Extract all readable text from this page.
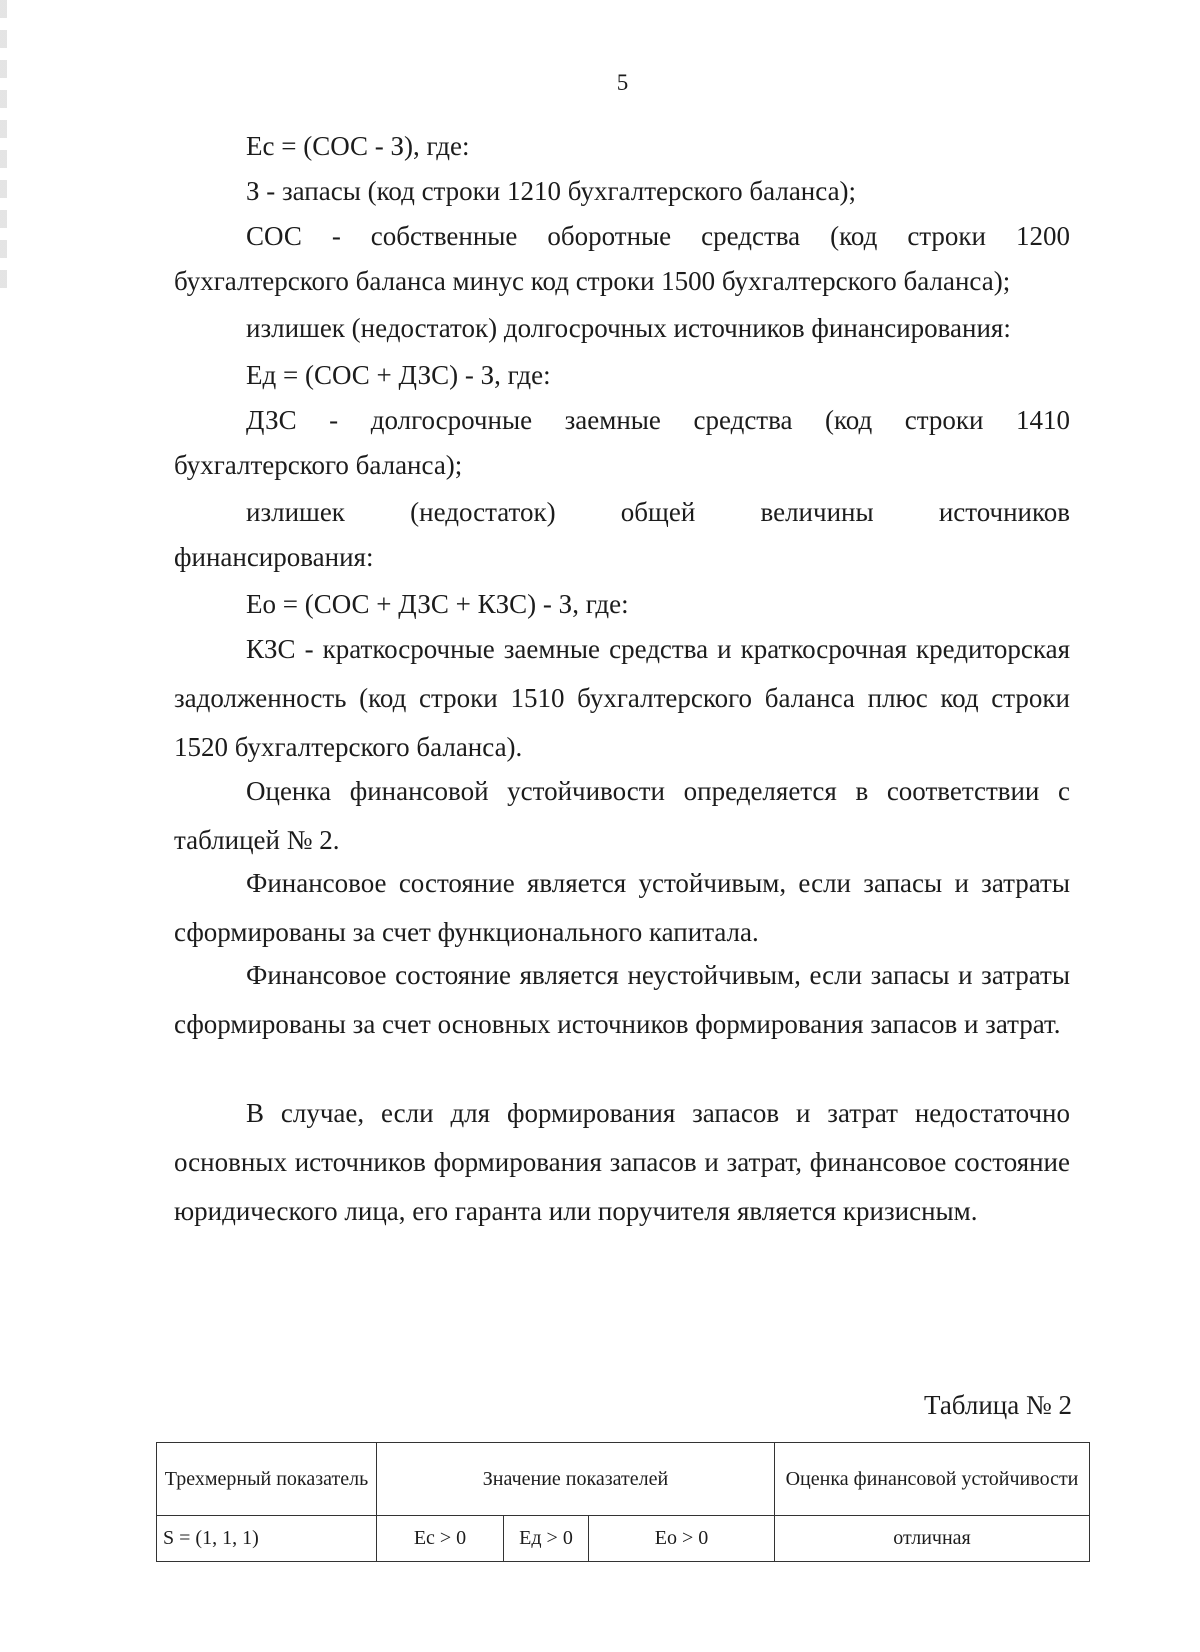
5

Ес = (СОС - З), где:

З - запасы (код строки 1210 бухгалтерского баланса);

СОС - собственные оборотные средства (код строки 1200

бухгалтерского баланса минус код строки 1500 бухгалтерского баланса);

излишек (недостаток) долгосрочных источников финансирования:

Ед = (СОС + ДЗС) - З, где:

ДЗС - долгосрочные заемные средства (код строки 1410

бухгалтерского баланса);

излишек (недостаток) общей величины источников

финансирования:

Ео = (СОС + ДЗС + КЗС) - З, где:

КЗС - краткосрочные заемные средства и краткосрочная кредиторская задолженность (код строки 1510 бухгалтерского баланса плюс код строки 1520 бухгалтерского баланса).

Оценка финансовой устойчивости определяется в соответствии с таблицей № 2.

Финансовое состояние является устойчивым, если запасы и затраты сформированы за счет функционального капитала.

Финансовое состояние является неустойчивым, если запасы и затраты сформированы за счет основных источников формирования запасов и затрат.

В случае, если для формирования запасов и затрат недостаточно основных источников формирования запасов и затрат, финансовое состояние юридического лица, его гаранта или поручителя является кризисным.

Таблица № 2
Трехмерный показатель	Значение показателей			Оценка финансовой устойчивости
S = (1, 1, 1)	Ес > 0	Ед > 0	Ео > 0	отличная
